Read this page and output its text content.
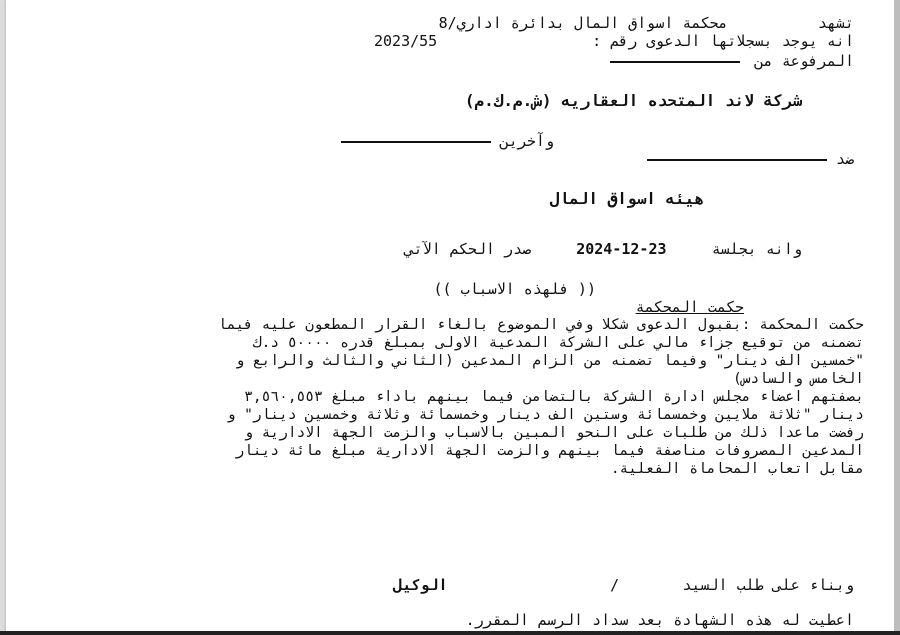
تشهد          محكمة اسواق المال بدائرة اداري/8
انه يوجد بسجلاتها الدعوى رقم :
2023/55
المرفوعة من
شركة لاند المتحده العقاريه (ش.م.ك.م)
وآخرين
ضد
هيئه اسواق المال
وانه بجلسة     2024-12-23     صدر الحكم الآتي
(( فلهذه الاسباب ))
حكمت المحكمة
حكمت المحكمة :بقبول الدعوى شكلا وفي الموضوع بالغاء القرار المطعون عليه فيما
تضمنه من توقيع جزاء مالي على الشركة المدعية الاولى بمبلغ قدره ٥٠٠٠٠ د.ك
"خمسين الف دينار" وفيما تضمنه من الزام المدعين (الثاني والثالث والرابع و
الخامس والسادس)
بصفتهم اعضاء مجلس ادارة الشركة بالتضامن فيما بينهم باداء مبلغ ٣,٥٦٠,٥٥٣
دينار "ثلاثة ملايين وخمسمائة وستين الف دينار وخمسمائة وثلاثة وخمسين دينار" و
رفضت ماعدا ذلك من طلبات على النحو المبين بالاسباب والزمت الجهة الادارية و
المدعين المصروفات مناصفة فيما بينهم والزمت الجهة الادارية مبلغ مائة دينار
مقابل اتعاب المحاماة الفعلية.
وبناء على طلب السيد       /                  الوكيل
اعطيت له هذه الشهادة بعد سداد الرسم المقرر.
